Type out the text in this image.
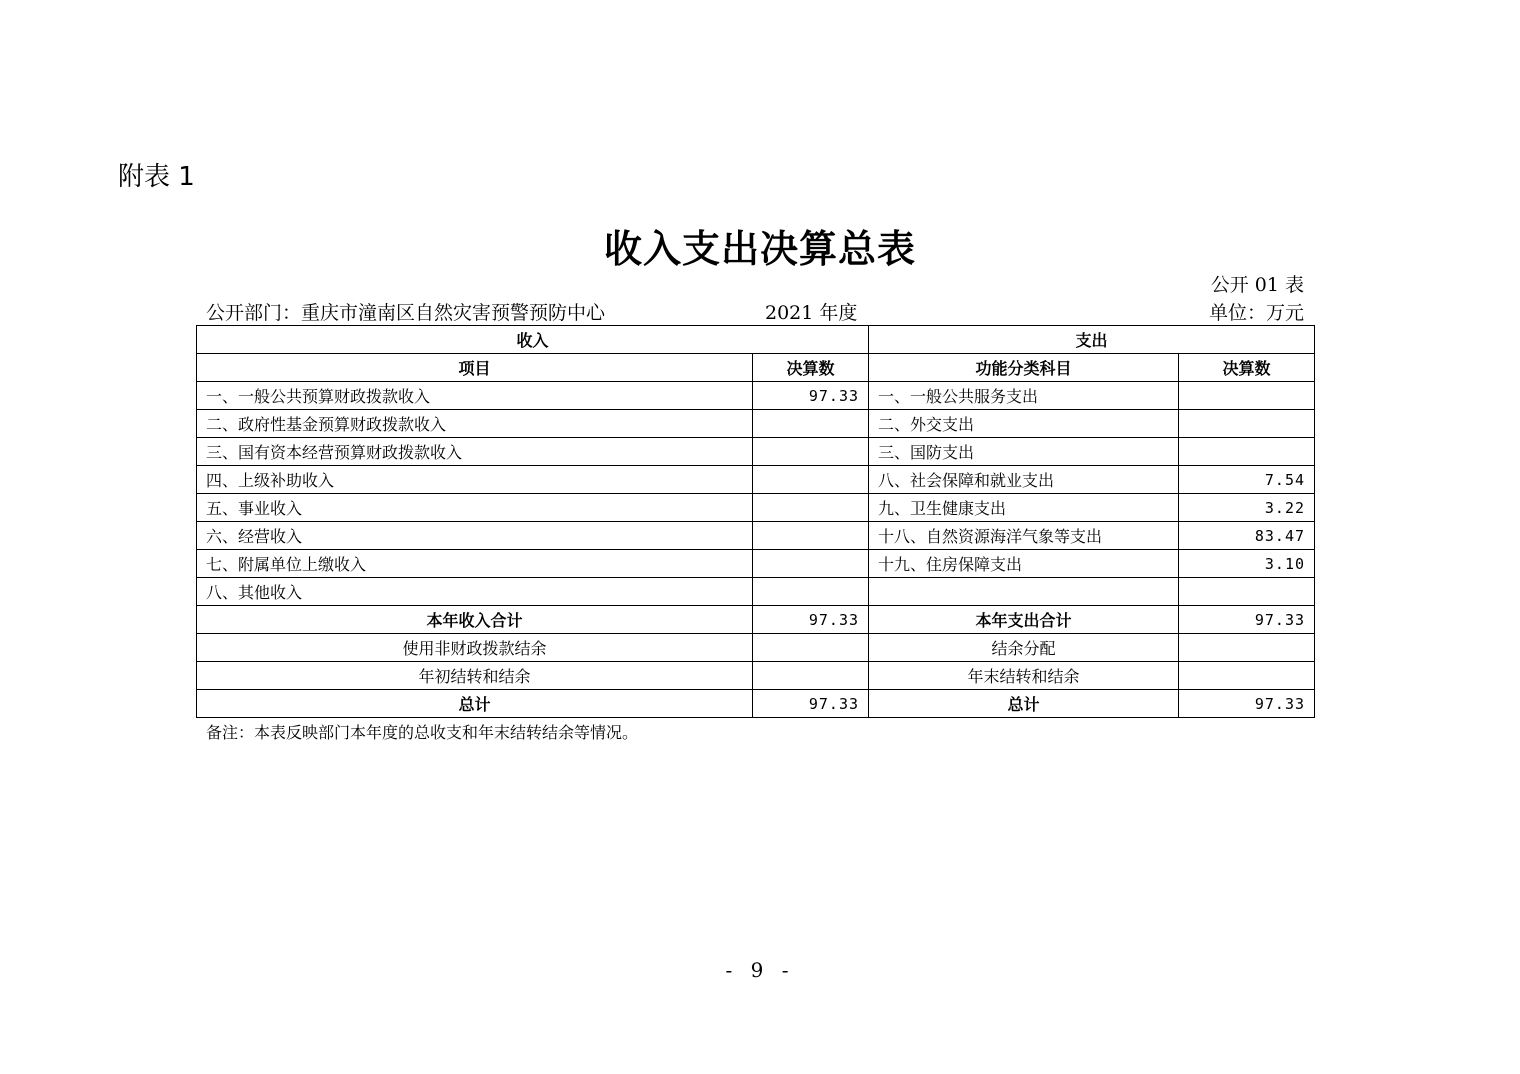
附表 1
收入支出决算总表
公开 01 表
公开部门：重庆市潼南区自然灾害预警预防中心	2021 年度	单位：万元
收入		支出	
项目	决算数	功能分类科目	决算数
一、一般公共预算财政拨款收入	97.33	一、一般公共服务支出	
二、政府性基金预算财政拨款收入		二、外交支出	
三、国有资本经营预算财政拨款收入		三、国防支出	
四、上级补助收入		八、社会保障和就业支出	7.54
五、事业收入		九、卫生健康支出	3.22
六、经营收入		十八、自然资源海洋气象等支出	83.47
七、附属单位上缴收入		十九、住房保障支出	3.10
八、其他收入			
本年收入合计	97.33	本年支出合计	97.33
使用非财政拨款结余		结余分配	
年初结转和结余		年末结转和结余	
总计	97.33	总计	97.33
备注：本表反映部门本年度的总收支和年末结转结余等情况。
- 9 -
